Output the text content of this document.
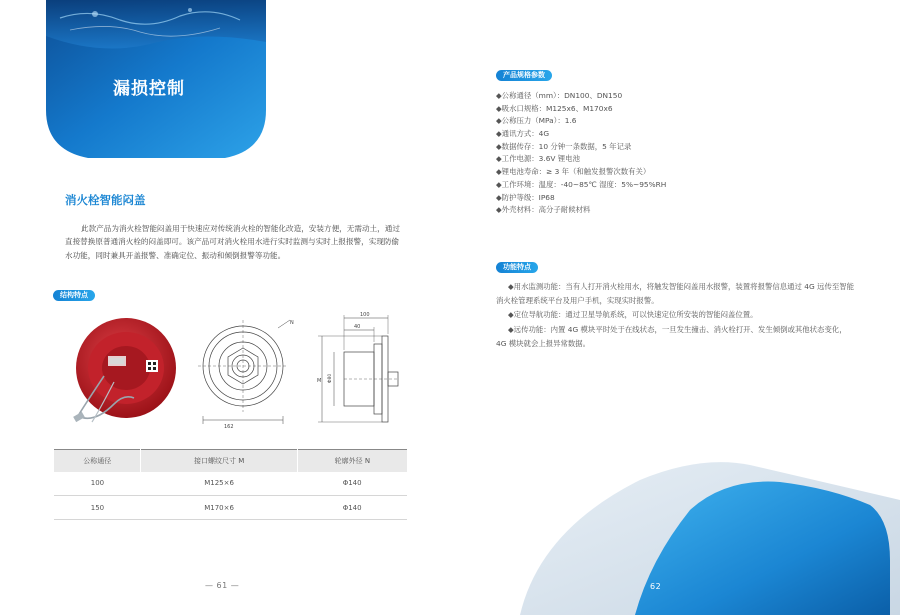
漏损控制
消火栓智能闷盖

此款产品为消火栓智能闷盖用于快速应对传统消火栓的智能化改造，安装方便，无需动土，通过直接替换原普通消火栓的闷盖即可。该产品可对消火栓用水进行实时监测与实时上报报警，实现防偷水功能，同时兼具开盖报警、准确定位、振动和倾倒报警等功能。

结构特点
162
N
100
40
M Φ80
公称通径	接口螺纹尺寸 M	轮廓外径 N
100	M125×6	Φ140
150	M170×6	Φ140
— 61 —
产品规格参数
◆公称通径（mm）：DN100、DN150
◆吸水口规格：M125x6、M170x6
◆公称压力（MPa）：1.6
◆通讯方式：4G
◆数据传存：10 分钟一条数据，5 年记录
◆工作电源：3.6V 锂电池
◆锂电池寿命：≥ 3 年（和触发报警次数有关）
◆工作环境：温度：-40~85℃ 湿度：5%~95%RH
◆防护等级：IP68
◆外壳材料：高分子耐候材料
功能特点

◆用水监测功能：当有人打开消火栓用水，将触发智能闷盖用水报警，装置将报警信息通过 4G 远传至智能消火栓管理系统平台及用户手机，实现实时报警。

◆定位导航功能：通过卫星导航系统，可以快速定位所安装的智能闷盖位置。

◆远传功能：内置 4G 模块平时处于在线状态，一旦发生撞击、消火栓打开、发生倾倒或其他状态变化，4G 模块就会上报异常数据。

62
